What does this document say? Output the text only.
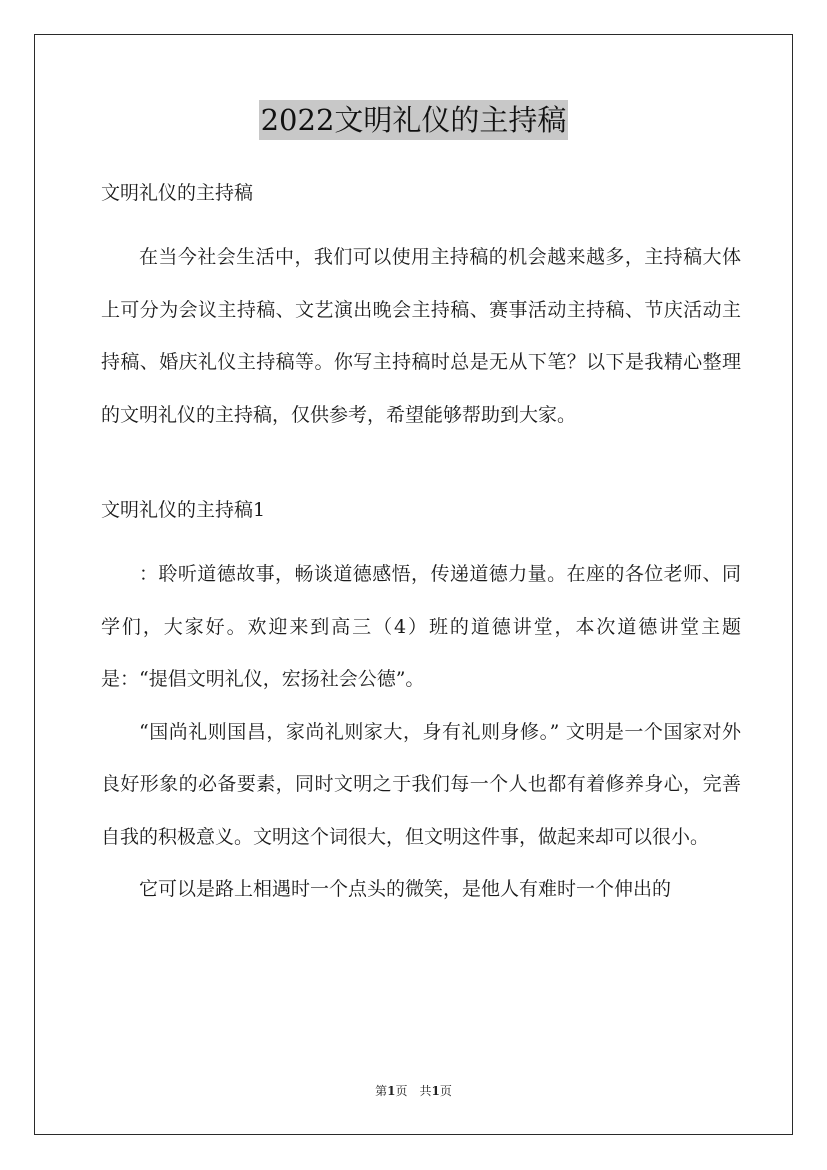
2022文明礼仪的主持稿

文明礼仪的主持稿

在当今社会生活中，我们可以使用主持稿的机会越来越多，主持稿大体上可分为会议主持稿、文艺演出晚会主持稿、赛事活动主持稿、节庆活动主持稿、婚庆礼仪主持稿等。你写主持稿时总是无从下笔？以下是我精心整理的文明礼仪的主持稿，仅供参考，希望能够帮助到大家。

文明礼仪的主持稿1

：聆听道德故事，畅谈道德感悟，传递道德力量。在座的各位老师、同学们，大家好。欢迎来到高三（4）班的道德讲堂，本次道德讲堂主题是：“提倡文明礼仪，宏扬社会公德”。

“国尚礼则国昌，家尚礼则家大，身有礼则身修。” 文明是一个国家对外良好形象的必备要素，同时文明之于我们每一个人也都有着修养身心，完善自我的积极意义。文明这个词很大，但文明这件事，做起来却可以很小。

它可以是路上相遇时一个点头的微笑，是他人有难时一个伸出的

第1页 共1页
